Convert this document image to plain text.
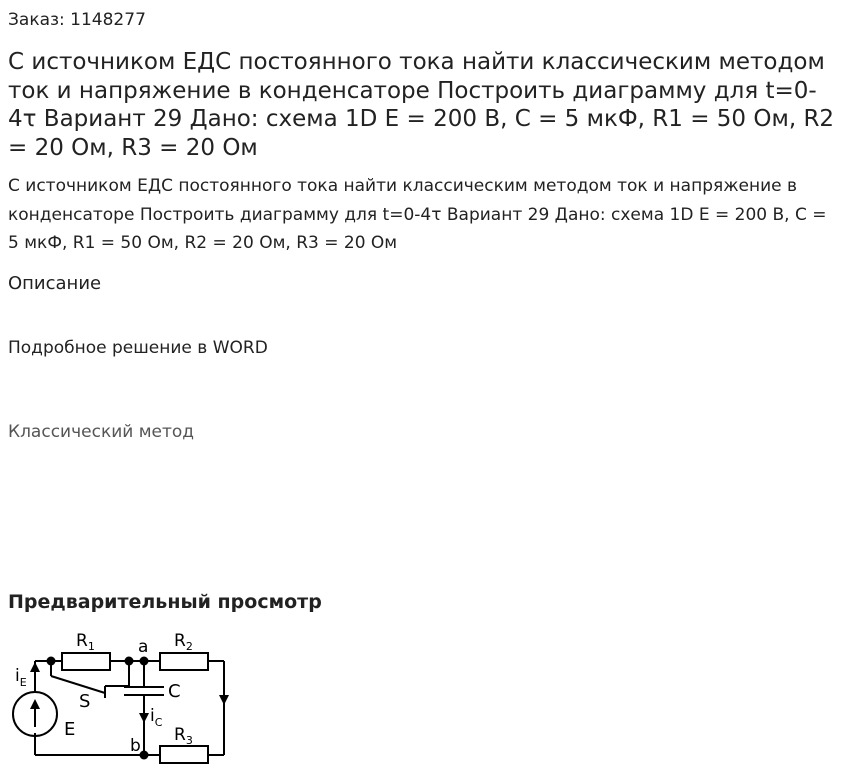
Заказ: 1148277
С источником ЕДС постоянного тока найти классическим методом ток и напряжение в конденсаторе Построить диаграмму для t=0-4τ Вариант 29 Дано: схема 1D E = 200 В, С = 5 мкФ, R1 = 50 Ом, R2 = 20 Ом, R3 = 20 Ом

С источником ЕДС постоянного тока найти классическим методом ток и напряжение в конденсаторе Построить диаграмму для t=0-4τ Вариант 29 Дано: схема 1D E = 200 В, С = 5 мкФ, R1 = 50 Ом, R2 = 20 Ом, R3 = 20 Ом

Описание
Подробное решение в WORD
Классический метод
Предварительный просмотр
$R_1$	$R_2$
$R_3$
a
b
C
E
S
$i_E$
$i_C$
